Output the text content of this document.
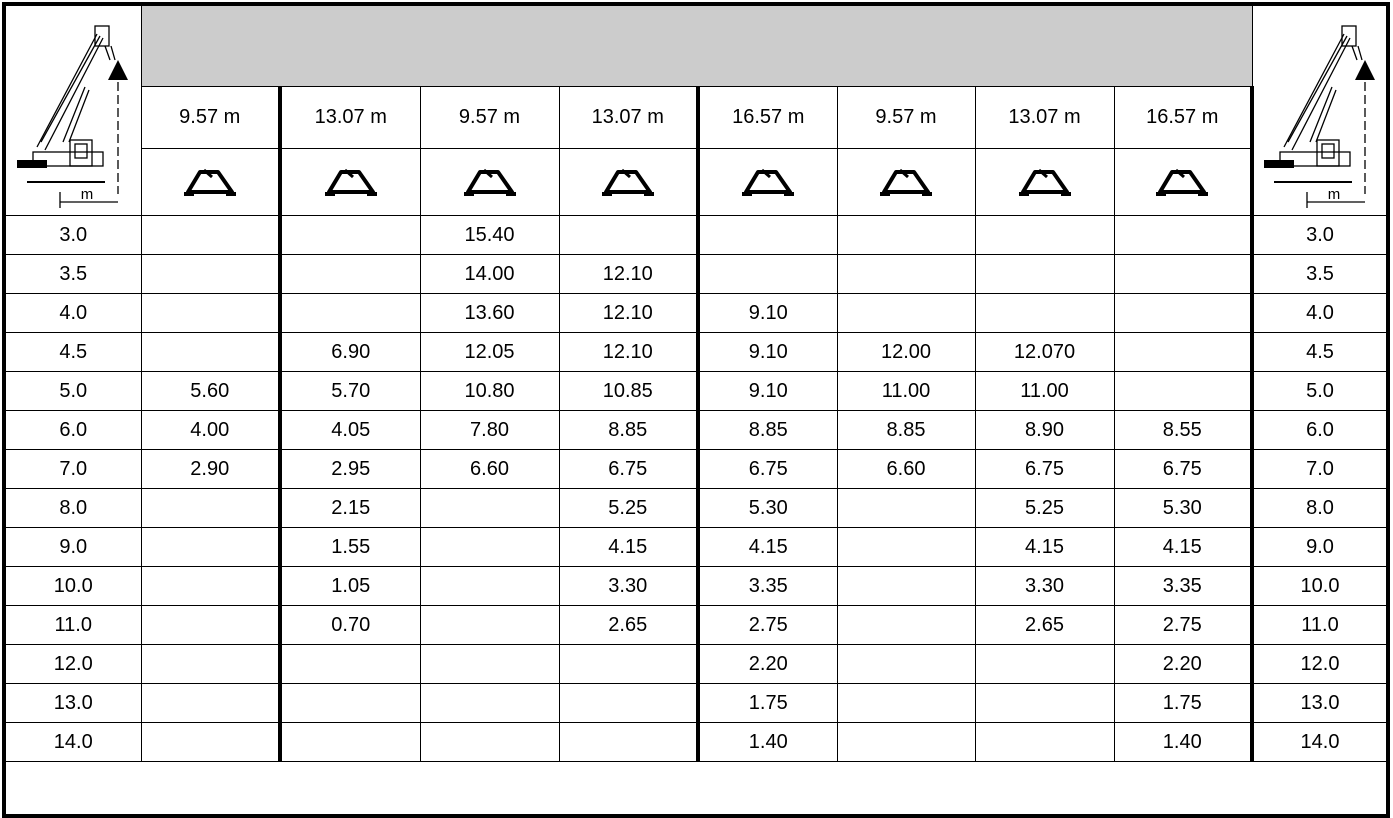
m									m

	9.57 m	13.07 m	9.57 m	13.07 m	16.57 m	9.57 m	13.07 m	16.57 m	

3.0			15.40						3.0
3.5			14.00	12.10					3.5
4.0			13.60	12.10	9.10				4.0
4.5		6.90	12.05	12.10	9.10	12.00	12.070		4.5
5.0	5.60	5.70	10.80	10.85	9.10	11.00	11.00		5.0
6.0	4.00	4.05	7.80	8.85	8.85	8.85	8.90	8.55	6.0
7.0	2.90	2.95	6.60	6.75	6.75	6.60	6.75	6.75	7.0
8.0		2.15		5.25	5.30		5.25	5.30	8.0
9.0		1.55		4.15	4.15		4.15	4.15	9.0
10.0		1.05		3.30	3.35		3.30	3.35	10.0
11.0		0.70		2.65	2.75		2.65	2.75	11.0
12.0					2.20			2.20	12.0
13.0					1.75			1.75	13.0
14.0					1.40			1.40	14.0
